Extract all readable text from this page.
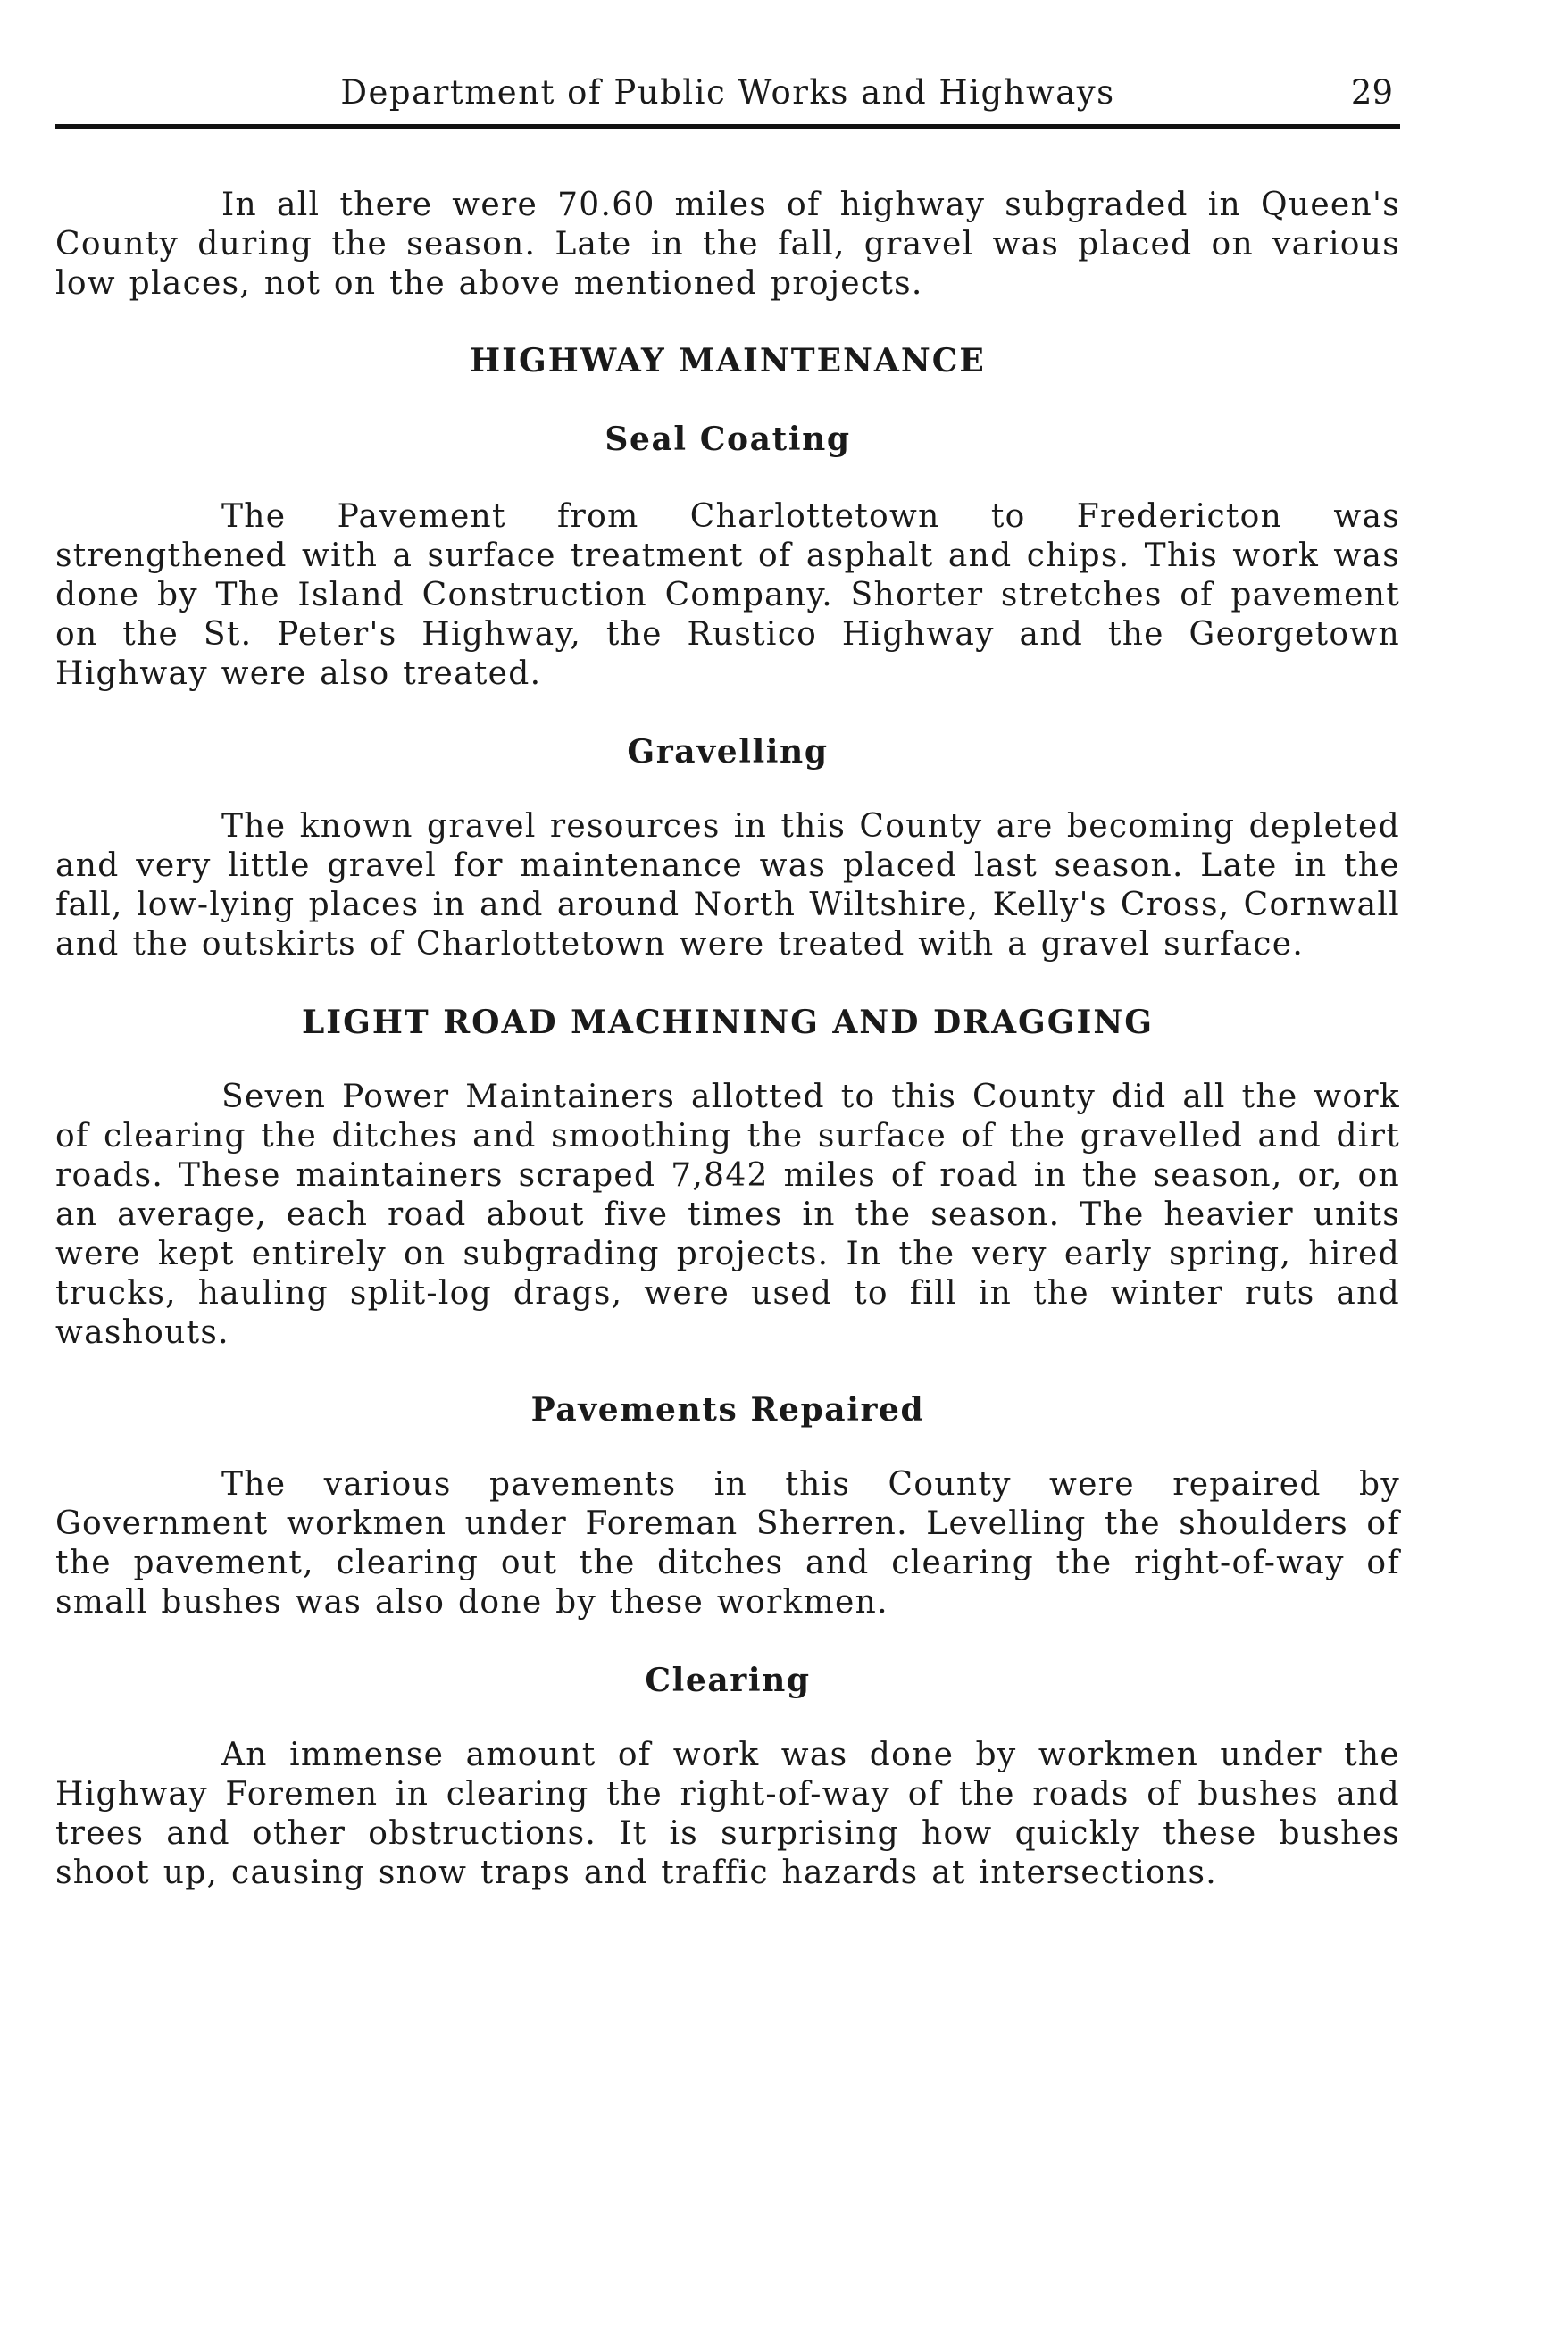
Department of Public Works and Highways	29

In all there were 70.60 miles of highway subgraded in Queen's County during the season. Late in the fall, gravel was placed on various low places, not on the above mentioned projects.

HIGHWAY MAINTENANCE
Seal Coating

The Pavement from Charlottetown to Fredericton was strengthened with a surface treatment of asphalt and chips. This work was done by The Island Construction Company. Shorter stretches of pavement on the St. Peter's Highway, the Rustico Highway and the Georgetown Highway were also treated.

Gravelling

The known gravel resources in this County are becoming depleted and very little gravel for maintenance was placed last season. Late in the fall, low-lying places in and around North Wiltshire, Kelly's Cross, Cornwall and the outskirts of Charlottetown were treated with a gravel surface.

LIGHT ROAD MACHINING AND DRAGGING

Seven Power Maintainers allotted to this County did all the work of clearing the ditches and smoothing the surface of the gravelled and dirt roads. These maintainers scraped 7,842 miles of road in the season, or, on an average, each road about five times in the season. The heavier units were kept entirely on subgrading projects. In the very early spring, hired trucks, hauling split-log drags, were used to fill in the winter ruts and washouts.

Pavements Repaired

The various pavements in this County were repaired by Government workmen under Foreman Sherren. Levelling the shoulders of the pavement, clearing out the ditches and clearing the right-of-way of small bushes was also done by these workmen.

Clearing

An immense amount of work was done by workmen under the Highway Foremen in clearing the right-of-way of the roads of bushes and trees and other obstructions. It is surprising how quickly these bushes shoot up, causing snow traps and traffic hazards at intersections.
